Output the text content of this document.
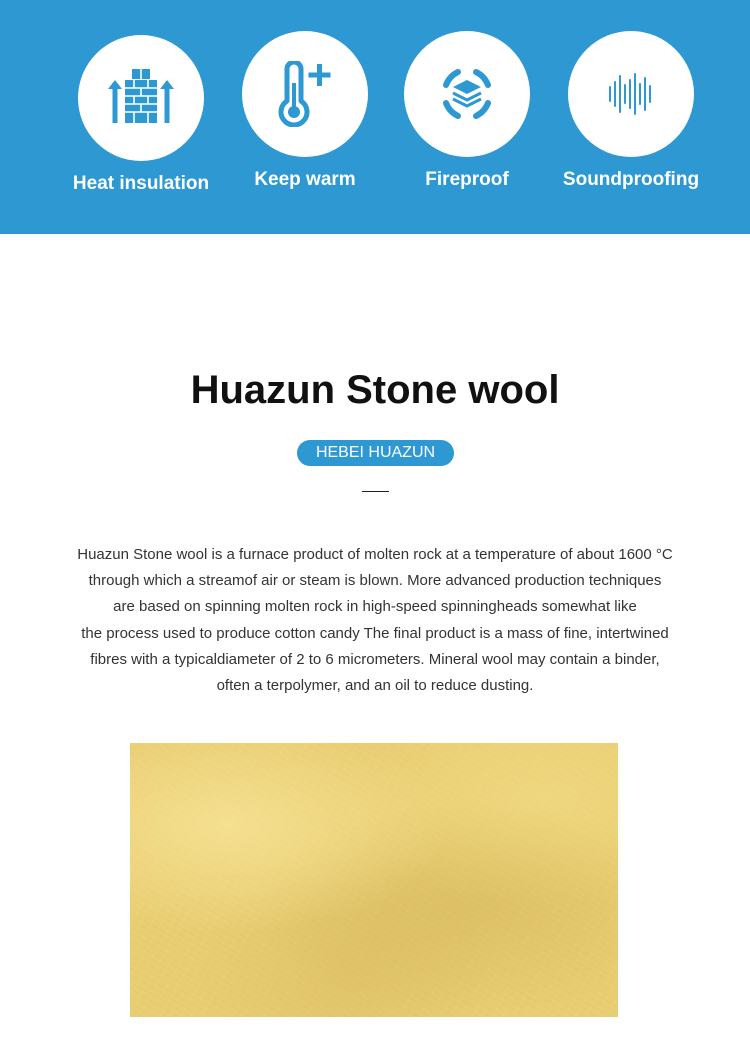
Heat insulation	Keep warm	Fireproof	Soundproofing
Huazun Stone wool
HEBEI HUAZUN

Huazun Stone wool is a furnace product of molten rock at a temperature of about 1600 °C
through which a streamof air or steam is blown. More advanced production techniques
are based on spinning molten rock in high-speed spinningheads somewhat like
the process used to produce cotton candy The final product is a mass of fine, intertwined
fibres with a typicaldiameter of 2 to 6 micrometers. Mineral wool may contain a binder,
often a terpolymer, and an oil to reduce dusting.
